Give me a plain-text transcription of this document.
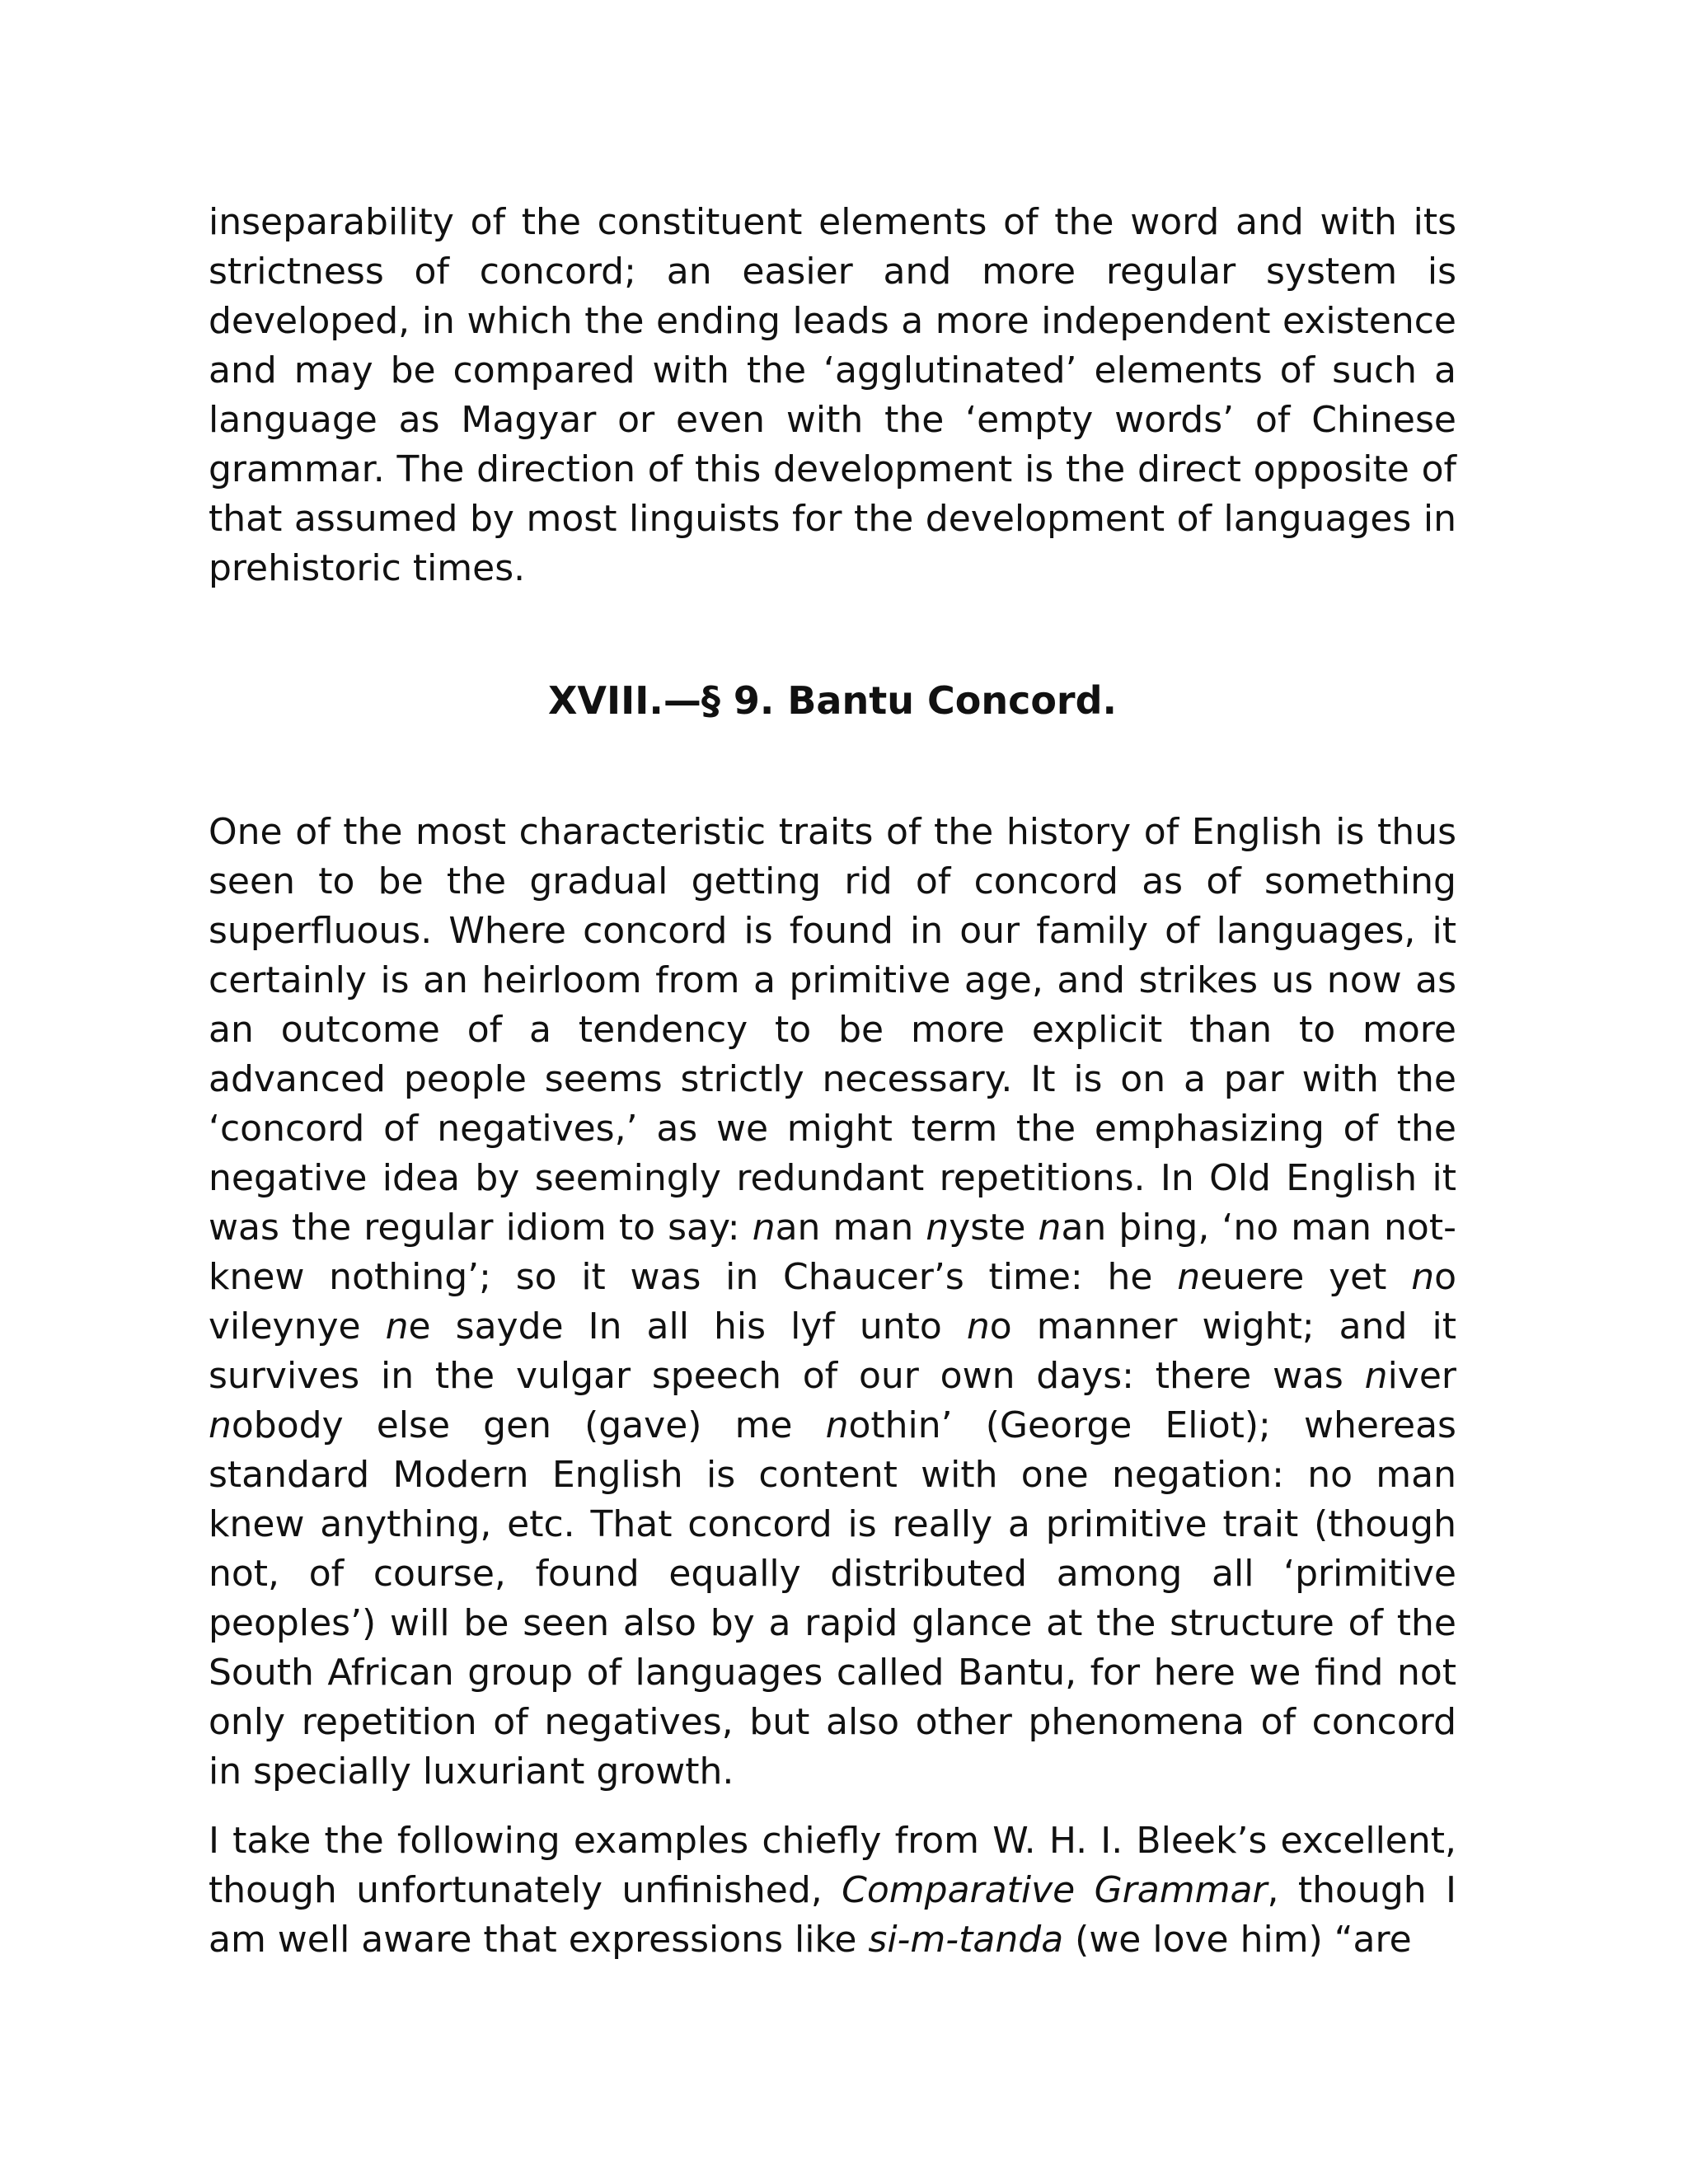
inseparability of the constituent elements of the word and with its strictness of concord; an easier and more regular system is developed, in which the ending leads a more independent existence and may be compared with the ‘agglutinated’ elements of such a language as Magyar or even with the ‘empty words’ of Chinese grammar. The direction of this development is the direct opposite of that assumed by most linguists for the development of languages in prehistoric times.

XVIII.—§ 9. Bantu Concord.

One of the most characteristic traits of the history of English is thus seen to be the gradual getting rid of concord as of something superfluous. Where concord is found in our family of languages, it certainly is an heirloom from a primitive age, and strikes us now as an outcome of a tendency to be more explicit than to more advanced people seems strictly necessary. It is on a par with the ‘concord of negatives,’ as we might term the emphasizing of the negative idea by seemingly redundant repetitions. In Old English it was the regular idiom to say: nan man nyste nan þing, ‘no man not-knew nothing’; so it was in Chaucer’s time: he neuere yet no vileynye ne sayde In all his lyf unto no manner wight; and it survives in the vulgar speech of our own days: there was niver nobody else gen (gave) me nothin’ (George Eliot); whereas standard Modern English is content with one negation: no man knew anything, etc. That concord is really a primitive trait (though not, of course, found equally distributed among all ‘primitive peoples’) will be seen also by a rapid glance at the structure of the South African group of languages called Bantu, for here we find not only repetition of negatives, but also other phenomena of concord in specially luxuriant growth.

I take the following examples chiefly from W. H. I. Bleek’s excellent, though unfortunately unfinished, Comparative Grammar, though I am well aware that expressions like si-m-tanda (we love him) “are
